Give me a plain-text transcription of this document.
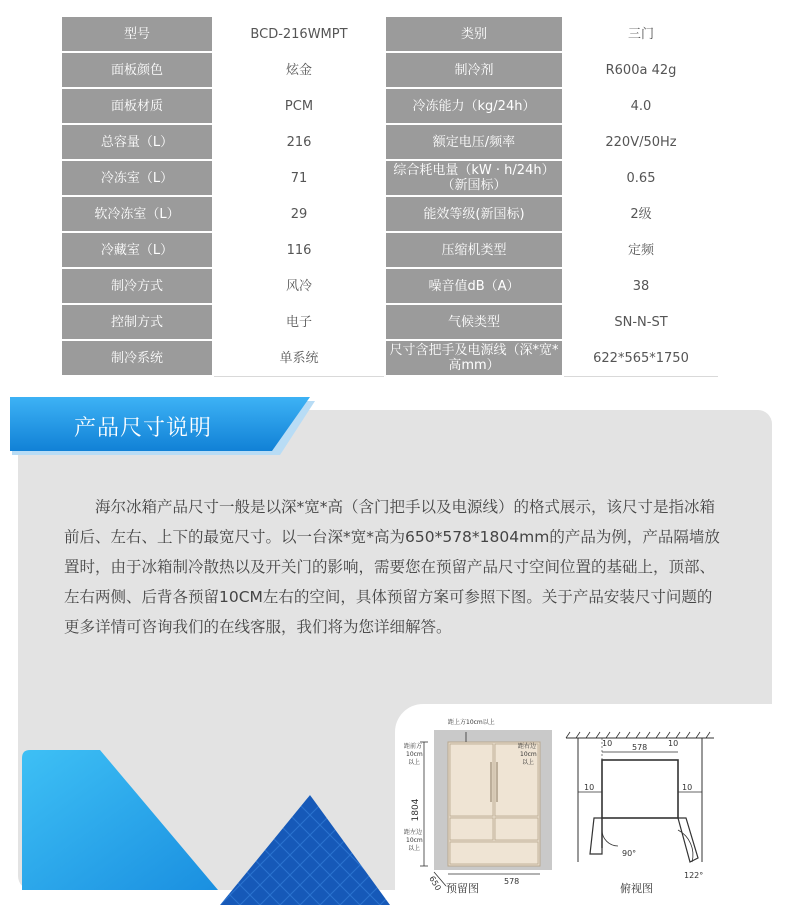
型号	BCD-216WMPT	类别	三门
面板颜色	炫金	制冷剂	R600a 42g
面板材质	PCM	冷冻能力（kg/24h）	4.0
总容量（L）	216	额定电压/频率	220V/50Hz
冷冻室（L）	71	综合耗电量（kW · h/24h）（新国标）	0.65
软冷冻室（L）	29	能效等级(新国标)	2级
冷藏室（L）	116	压缩机类型	定频
制冷方式	风冷	噪音值dB（A）	38
控制方式	电子	气候类型	SN-N-ST
制冷系统	单系统	尺寸含把手及电源线（深*宽*高mm）	622*565*1750
产品尺寸说明

海尔冰箱产品尺寸一般是以深*宽*高（含门把手以及电源线）的格式展示，该尺寸是指冰箱前后、左右、上下的最宽尺寸。以一台深*宽*高为650*578*1804mm的产品为例，产品隔墙放置时，由于冰箱制冷散热以及开关门的影响，需要您在预留产品尺寸空间位置的基础上，顶部、左右两侧、后背各预留10CM左右的空间，具体预留方案可参照下图。关于产品安装尺寸问题的更多详情可咨询我们的在线客服，我们将为您详细解答。

1804
578
650
距上方10cm以上
距前方
10cm
以上
距右边
10cm
以上
距左边
10cm
以上
预留图
578
10	10
10	10
90°
122°
俯视图
